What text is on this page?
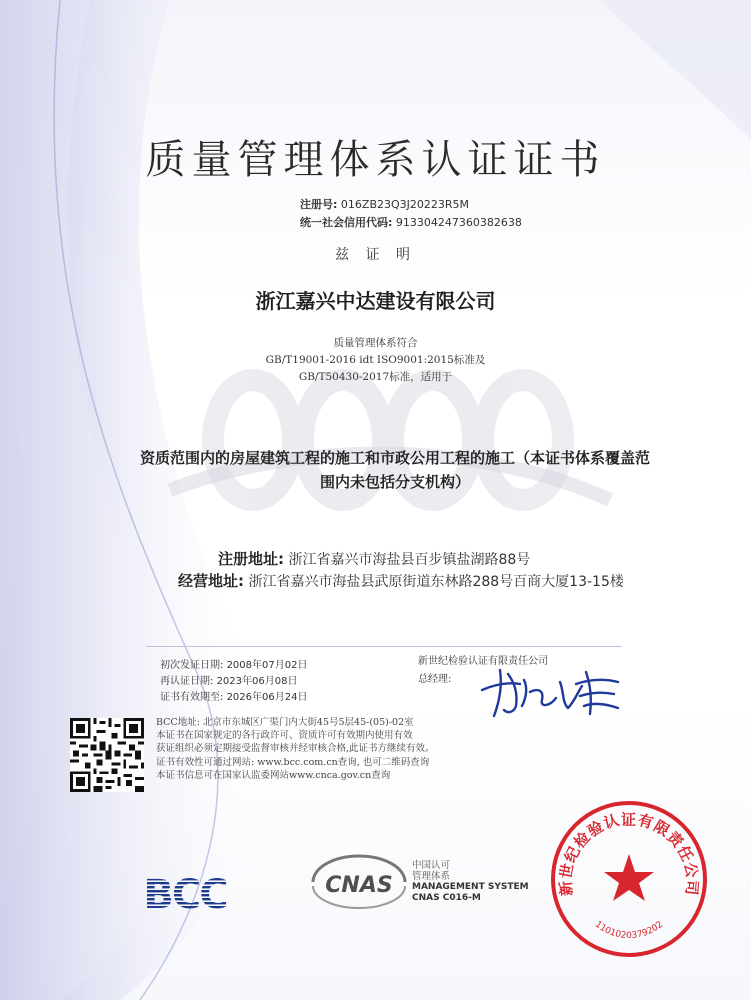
质量管理体系认证证书
注册号: 016ZB23Q3J20223R5M
统一社会信用代码: 913304247360382638
兹 证 明
浙江嘉兴中达建设有限公司
质量管理体系符合
GB/T19001-2016 idt ISO9001:2015标准及
GB/T50430-2017标准，适用于
资质范围内的房屋建筑工程的施工和市政公用工程的施工（本证书体系覆盖范
围内未包括分支机构）
注册地址: 浙江省嘉兴市海盐县百步镇盐湖路88号
经营地址: 浙江省嘉兴市海盐县武原街道东林路288号百商大厦13-15楼
初次发证日期: 2008年07月02日
再认证日期: 2023年06月08日
证书有效期至: 2026年06月24日
新世纪检验认证有限责任公司
总经理:
BCC地址: 北京市东城区广渠门内大街45号5层45-(05)-02室
本证书在国家规定的各行政许可、资质许可有效期内使用有效
获证组织必须定期接受监督审核并经审核合格,此证书方继续有效。
证书有效性可通过网站: www.bcc.com.cn查询, 也可二维码查询
本证书信息可在国家认监委网站www.cnca.gov.cn查询
BCC	CNAS
中国认可
管理体系
MANAGEMENT SYSTEM
CNAS C016-M
新世纪检验认证有限责任公司
1101020379202
